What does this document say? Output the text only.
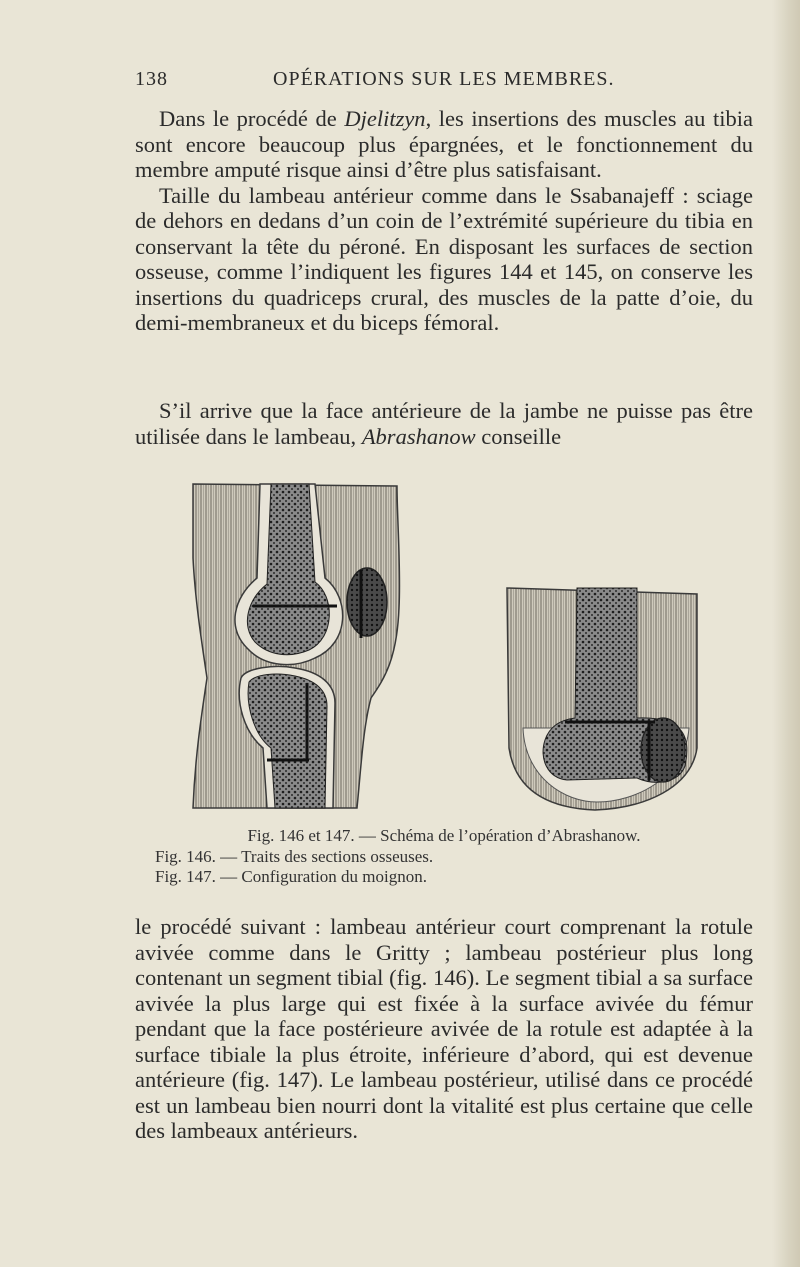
138	OPÉRATIONS SUR LES MEMBRES.

Dans le procédé de Djelitzyn, les insertions des muscles au tibia sont encore beaucoup plus épargnées, et le fonctionnement du membre amputé risque ainsi d’être plus satisfaisant.

Taille du lambeau antérieur comme dans le Ssabanajeff : sciage de dehors en dedans d’un coin de l’extrémité supérieure du tibia en conservant la tête du péroné. En disposant les surfaces de section osseuse, comme l’indiquent les figures 144 et 145, on conserve les insertions du quadriceps crural, des muscles de la patte d’oie, du demi-membraneux et du biceps fémoral.

S’il arrive que la face antérieure de la jambe ne puisse pas être utilisée dans le lambeau, Abrashanow conseille

Fig. 146 et 147. — Schéma de l’opération d’Abrashanow.
Fig. 146. — Traits des sections osseuses.
Fig. 147. — Configuration du moignon.

le procédé suivant : lambeau antérieur court comprenant la rotule avivée comme dans le Gritty ; lambeau postérieur plus long contenant un segment tibial (fig. 146). Le segment tibial a sa surface avivée la plus large qui est fixée à la surface avivée du fémur pendant que la face postérieure avivée de la rotule est adaptée à la surface tibiale la plus étroite, inférieure d’abord, qui est devenue antérieure (fig. 147). Le lambeau postérieur, utilisé dans ce procédé est un lambeau bien nourri dont la vitalité est plus certaine que celle des lambeaux antérieurs.
